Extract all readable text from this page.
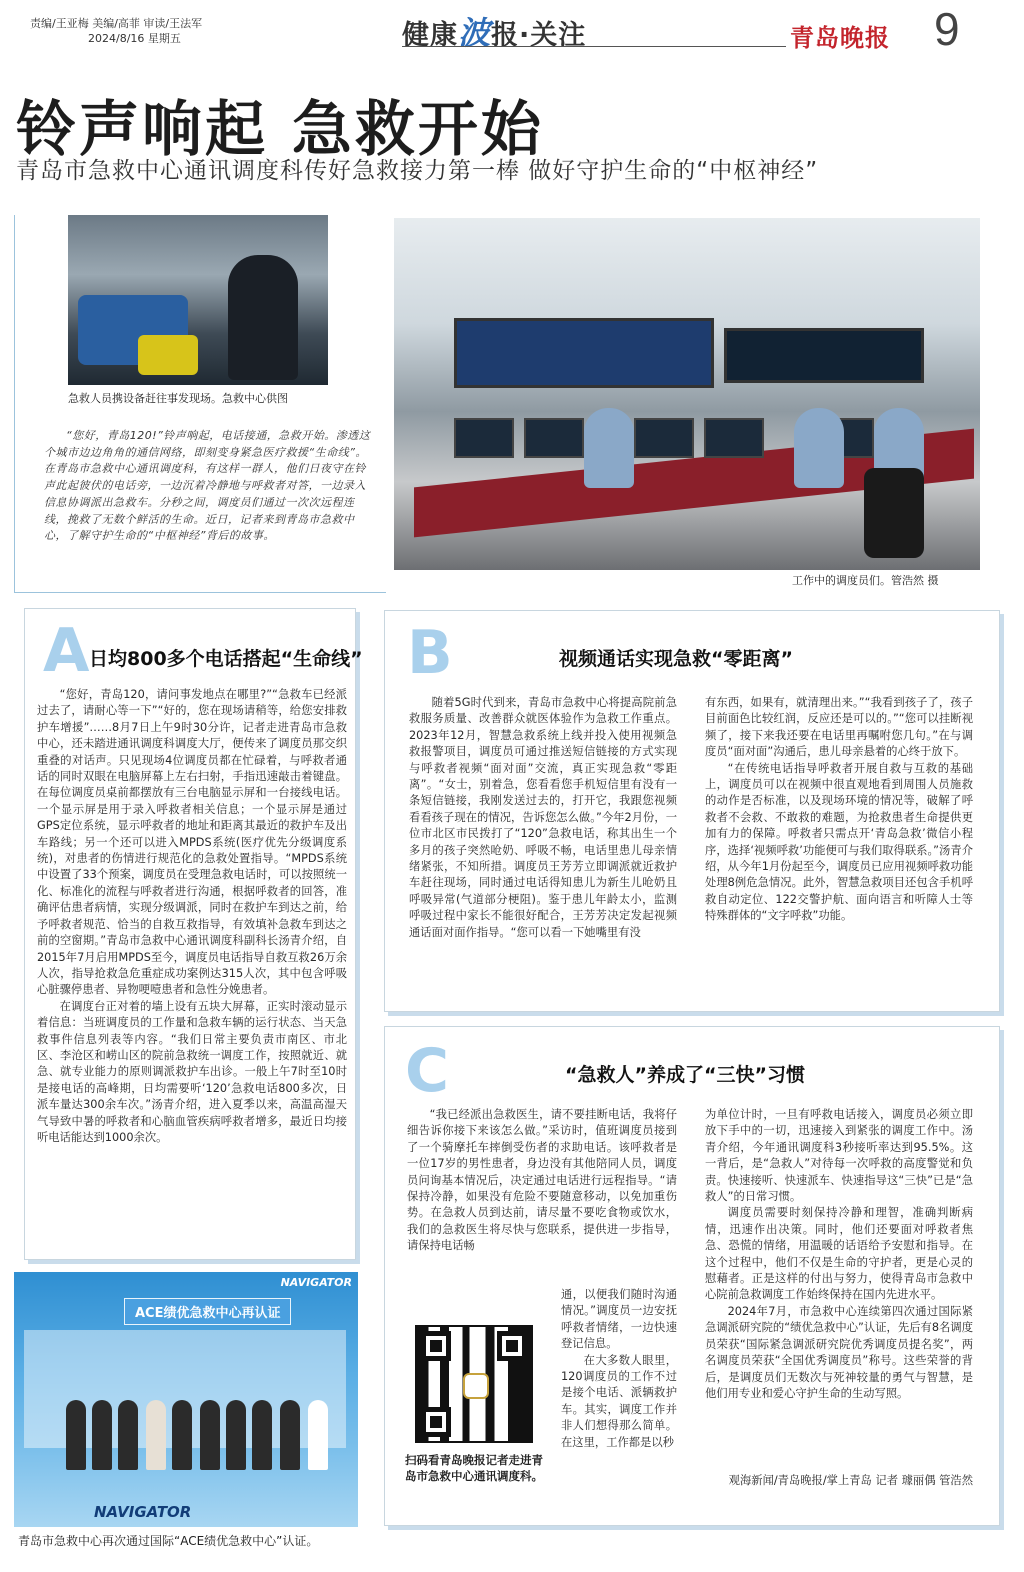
责编/王亚梅 美编/高菲 审读/王法军
2024/8/16 星期五	健康波报·关注	青岛晚报 9
铃声响起 急救开始
青岛市急救中心通讯调度科传好急救接力第一棒 做好守护生命的“中枢神经”
急救人员携设备赶往事发现场。急救中心供图
“您好，青岛120!”铃声响起，电话接通，急救开始。渗透这个城市边边角角的通信网络，即刻变身紧急医疗救援“生命线”。在青岛市急救中心通讯调度科，有这样一群人，他们日夜守在铃声此起彼伏的电话旁，一边沉着冷静地与呼救者对答，一边录入信息协调派出急救车。分秒之间，调度员们通过一次次远程连线，挽救了无数个鲜活的生命。近日，记者来到青岛市急救中心，了解守护生命的“中枢神经”背后的故事。
工作中的调度员们。管浩然 摄
A 日均800多个电话搭起“生命线”

“您好，青岛120，请问事发地点在哪里?”“急救车已经派过去了，请耐心等一下”“好的，您在现场请稍等，给您安排救护车增援”……8月7日上午9时30分许，记者走进青岛市急救中心，还未踏进通讯调度科调度大厅，便传来了调度员那交织重叠的对话声。只见现场4位调度员都在忙碌着，与呼救者通话的同时双眼在电脑屏幕上左右扫射，手指迅速敲击着键盘。在每位调度员桌前都摆放有三台电脑显示屏和一台接线电话。一个显示屏是用于录入呼救者相关信息；一个显示屏是通过GPS定位系统，显示呼救者的地址和距离其最近的救护车及出车路线；另一个还可以进入MPDS系统(医疗优先分级调度系统)，对患者的伤情进行规范化的急救处置指导。“MPDS系统中设置了33个预案，调度员在受理急救电话时，可以按照统一化、标准化的流程与呼救者进行沟通，根据呼救者的回答，准确评估患者病情，实现分级调派，同时在救护车到达之前，给予呼救者规范、恰当的自救互救指导，有效填补急救车到达之前的空窗期。”青岛市急救中心通讯调度科副科长汤青介绍，自2015年7月启用MPDS至今，调度员电话指导自救互救26万余人次，指导抢救急危重症成功案例达315人次，其中包含呼吸心脏骤停患者、异物哽噎患者和急性分娩患者。

在调度台正对着的墙上设有五块大屏幕，正实时滚动显示着信息：当班调度员的工作量和急救车辆的运行状态、当天急救事件信息列表等内容。“我们日常主要负责市南区、市北区、李沧区和崂山区的院前急救统一调度工作，按照就近、就急、就专业能力的原则调派救护车出诊。一般上午7时至10时是接电话的高峰期，日均需要听‘120’急救电话800多次，日派车量达300余车次。”汤青介绍，进入夏季以来，高温高湿天气导致中暑的呼救者和心脑血管疾病呼救者增多，最近日均接听电话能达到1000余次。

NAVIGATOR
ACE绩优急救中心再认证
NAVIGATOR
青岛市急救中心再次通过国际“ACE绩优急救中心”认证。
B	视频通话实现急救“零距离”

随着5G时代到来，青岛市急救中心将提高院前急救服务质量、改善群众就医体验作为急救工作重点。2023年12月，智慧急救系统上线并投入使用视频急救报警项目，调度员可通过推送短信链接的方式实现与呼救者视频“面对面”交流，真正实现急救“零距离”。“女士，别着急，您看看您手机短信里有没有一条短信链接，我刚发送过去的，打开它，我跟您视频看看孩子现在的情况，告诉您怎么做。”今年2月份，一位市北区市民拨打了“120”急救电话，称其出生一个多月的孩子突然呛奶、呼吸不畅，电话里患儿母亲情绪紧张，不知所措。调度员王芳芳立即调派就近救护车赶往现场，同时通过电话得知患儿为新生儿呛奶且呼吸异常(气道部分梗阻)。鉴于患儿年龄太小，监测呼吸过程中家长不能很好配合，王芳芳决定发起视频通话面对面作指导。“您可以看一下她嘴里有没

有东西，如果有，就清理出来。”“我看到孩子了，孩子目前面色比较红润，反应还是可以的。”“您可以挂断视频了，接下来我还要在电话里再嘱咐您几句。”在与调度员“面对面”沟通后，患儿母亲悬着的心终于放下。

“在传统电话指导呼救者开展自救与互救的基础上，调度员可以在视频中很直观地看到周围人员施救的动作是否标准，以及现场环境的情况等，破解了呼救者不会救、不敢救的难题，为抢救患者生命提供更加有力的保障。呼救者只需点开‘青岛急救’微信小程序，选择‘视频呼救’功能便可与我们取得联系。”汤青介绍，从今年1月份起至今，调度员已应用视频呼救功能处理8例危急情况。此外，智慧急救项目还包含手机呼救自动定位、122交警护航、面向语言和听障人士等特殊群体的“文字呼救”功能。

C	“急救人”养成了“三快”习惯

“我已经派出急救医生，请不要挂断电话，我将仔细告诉你接下来该怎么做。”采访时，值班调度员接到了一个骑摩托车摔倒受伤者的求助电话。该呼救者是一位17岁的男性患者，身边没有其他陪同人员，调度员问询基本情况后，决定通过电话进行远程指导。“请保持冷静，如果没有危险不要随意移动，以免加重伤势。在急救人员到达前，请尽量不要吃食物或饮水，我们的急救医生将尽快与您联系，提供进一步指导，请保持电话畅

通，以便我们随时沟通情况。”调度员一边安抚呼救者情绪，一边快速登记信息。

在大多数人眼里，120调度员的工作不过是接个电话、派辆救护车。其实，调度工作并非人们想得那么简单。在这里，工作都是以秒

为单位计时，一旦有呼救电话接入，调度员必须立即放下手中的一切，迅速接入到紧张的调度工作中。汤青介绍，今年通讯调度科3秒接听率达到95.5%。这一背后，是“急救人”对待每一次呼救的高度警觉和负责。快速接听、快速派车、快速指导这“三快”已是“急救人”的日常习惯。

调度员需要时刻保持冷静和理智，准确判断病情，迅速作出决策。同时，他们还要面对呼救者焦急、恐慌的情绪，用温暖的话语给予安慰和指导。在这个过程中，他们不仅是生命的守护者，更是心灵的慰藉者。正是这样的付出与努力，使得青岛市急救中心院前急救调度工作始终保持在国内先进水平。

2024年7月，市急救中心连续第四次通过国际紧急调派研究院的“绩优急救中心”认证，先后有8名调度员荣获“国际紧急调派研究院优秀调度员提名奖”，两名调度员荣获“全国优秀调度员”称号。这些荣誉的背后，是调度员们无数次与死神较量的勇气与智慧，是他们用专业和爱心守护生命的生动写照。

观海新闻/青岛晚报/掌上青岛 记者 璩丽偶 管浩然
扫码看青岛晚报记者走进青岛市急救中心通讯调度科。
